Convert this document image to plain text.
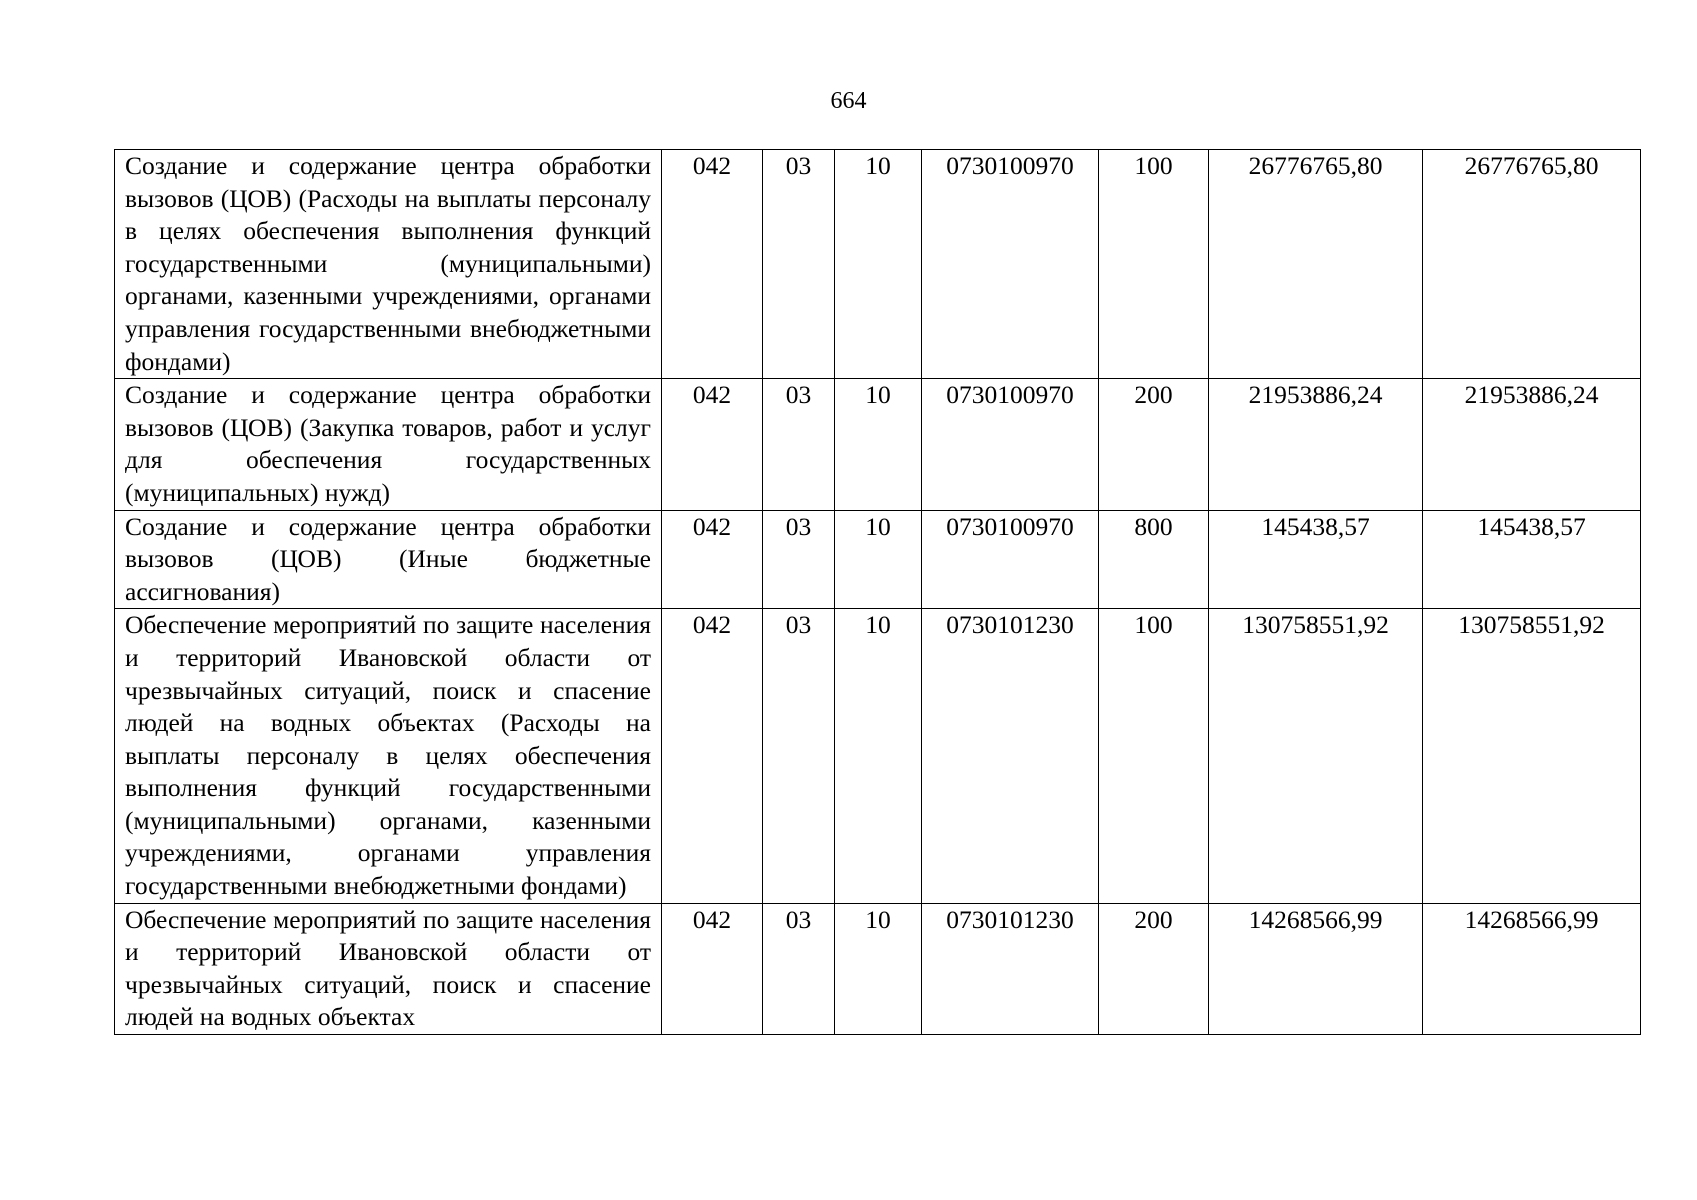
664
Создание и содержание центра обработки вызовов (ЦОВ) (Расходы на выплаты персоналу в целях обеспечения выполнения функций государственными (муниципальными) органами, казенными учреждениями, органами управления государственными внебюджетными фондами)	042	03	10	0730100970	100	26776765,80	26776765,80
Создание и содержание центра обработки вызовов (ЦОВ) (Закупка товаров, работ и услуг для обеспечения государственных (муниципальных) нужд)	042	03	10	0730100970	200	21953886,24	21953886,24
Создание и содержание центра обработки вызовов (ЦОВ) (Иные бюджетные ассигнования)	042	03	10	0730100970	800	145438,57	145438,57
Обеспечение мероприятий по защите населения и территорий Ивановской области от чрезвычайных ситуаций, поиск и спасение людей на водных объектах (Расходы на выплаты персоналу в целях обеспечения выполнения функций государственными (муниципальными) органами, казенными учреждениями, органами управления государственными внебюджетными фондами)	042	03	10	0730101230	100	130758551,92	130758551,92

Обеспечение мероприятий по защите населения и территорий Ивановской области от чрезвычайных ситуаций, поиск и спасение людей на водных объектах	042	03	10	0730101230	200	14268566,99	14268566,99
